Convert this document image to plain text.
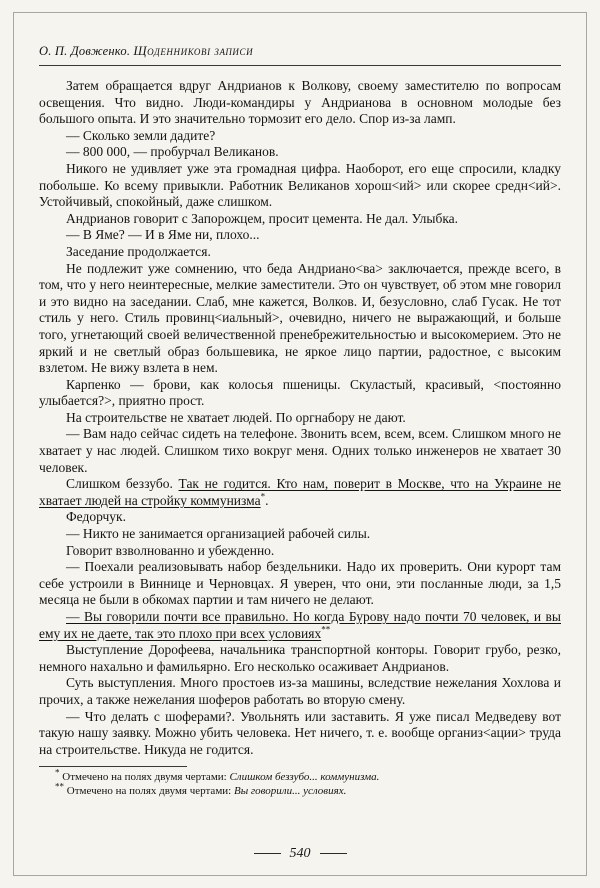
О. П. Довженко. Щоденникові записи

Затем обращается вдруг Андрианов к Волкову, своему заместителю по вопросам освещения. Что видно. Люди-командиры у Андрианова в основном молодые без большого опыта. И это значительно тормозит его дело. Спор из-за ламп.

— Сколько земли дадите?

— 800 000, — пробурчал Великанов.

Никого не удивляет уже эта громадная цифра. Наоборот, его еще спросили, кладку побольше. Ко всему привыкли. Работник Великанов хорош<ий> или скорее средн<ий>. Устойчивый, спокойный, даже слишком.

Андрианов говорит с Запорожцем, просит цемента. Не дал. Улыбка.

— В Яме? — И в Яме ни, плохо...

Заседание продолжается.

Не подлежит уже сомнению, что беда Андриано<ва> заключается, прежде всего, в том, что у него неинтересные, мелкие заместители. Это он чувствует, об этом мне говорил и это видно на заседании. Слаб, мне кажется, Волков. И, безусловно, слаб Гусак. Не тот стиль у него. Стиль провинц<иальный>, очевидно, ничего не выражающий, и больше того, угнетающий своей величественной пренебрежительностью и высокомерием. Это не яркий и не светлый образ большевика, не яркое лицо партии, радостное, с высоким взлетом. Не вижу взлета в нем.

Карпенко — брови, как колосья пшеницы. Скуластый, красивый, <постоянно улыбается?>, приятно прост.

На строительстве не хватает людей. По оргнабору не дают.

— Вам надо сейчас сидеть на телефоне. Звонить всем, всем, всем. Слишком много не хватает у нас людей. Слишком тихо вокруг меня. Одних только инженеров не хватает 30 человек.

Слишком беззубо. Так не годится. Кто нам, поверит в Москве, что на Украине не хватает людей на стройку коммунизма*.

Федорчук.

— Никто не занимается организацией рабочей силы.

Говорит взволнованно и убежденно.

— Поехали реализовывать набор бездельники. Надо их проверить. Они курорт там себе устроили в Виннице и Черновцах. Я уверен, что они, эти посланные люди, за 1,5 месяца не были в обкомах партии и там ничего не делают.

— Вы говорили почти все правильно. Но когда Бурову надо почти 70 человек, и вы ему их не даете, так это плохо при всех условиях**

Выступление Дорофеева, начальника транспортной конторы. Говорит грубо, резко, немного нахально и фамильярно. Его несколько осаживает Андрианов.

Суть выступления. Много простоев из-за машины, вследствие нежелания Хохлова и прочих, а также нежелания шоферов работать во вторую смену.

— Что делать с шоферами?. Увольнять или заставить. Я уже писал Медведеву вот такую нашу заявку. Можно убить человека. Нет ничего, т. е. вообще организ<ации> труда на строительстве. Никуда не годится.

* Отмечено на полях двумя чертами: Слишком беззубо... коммунизма.

** Отмечено на полях двумя чертами: Вы говорили... условиях.

540
